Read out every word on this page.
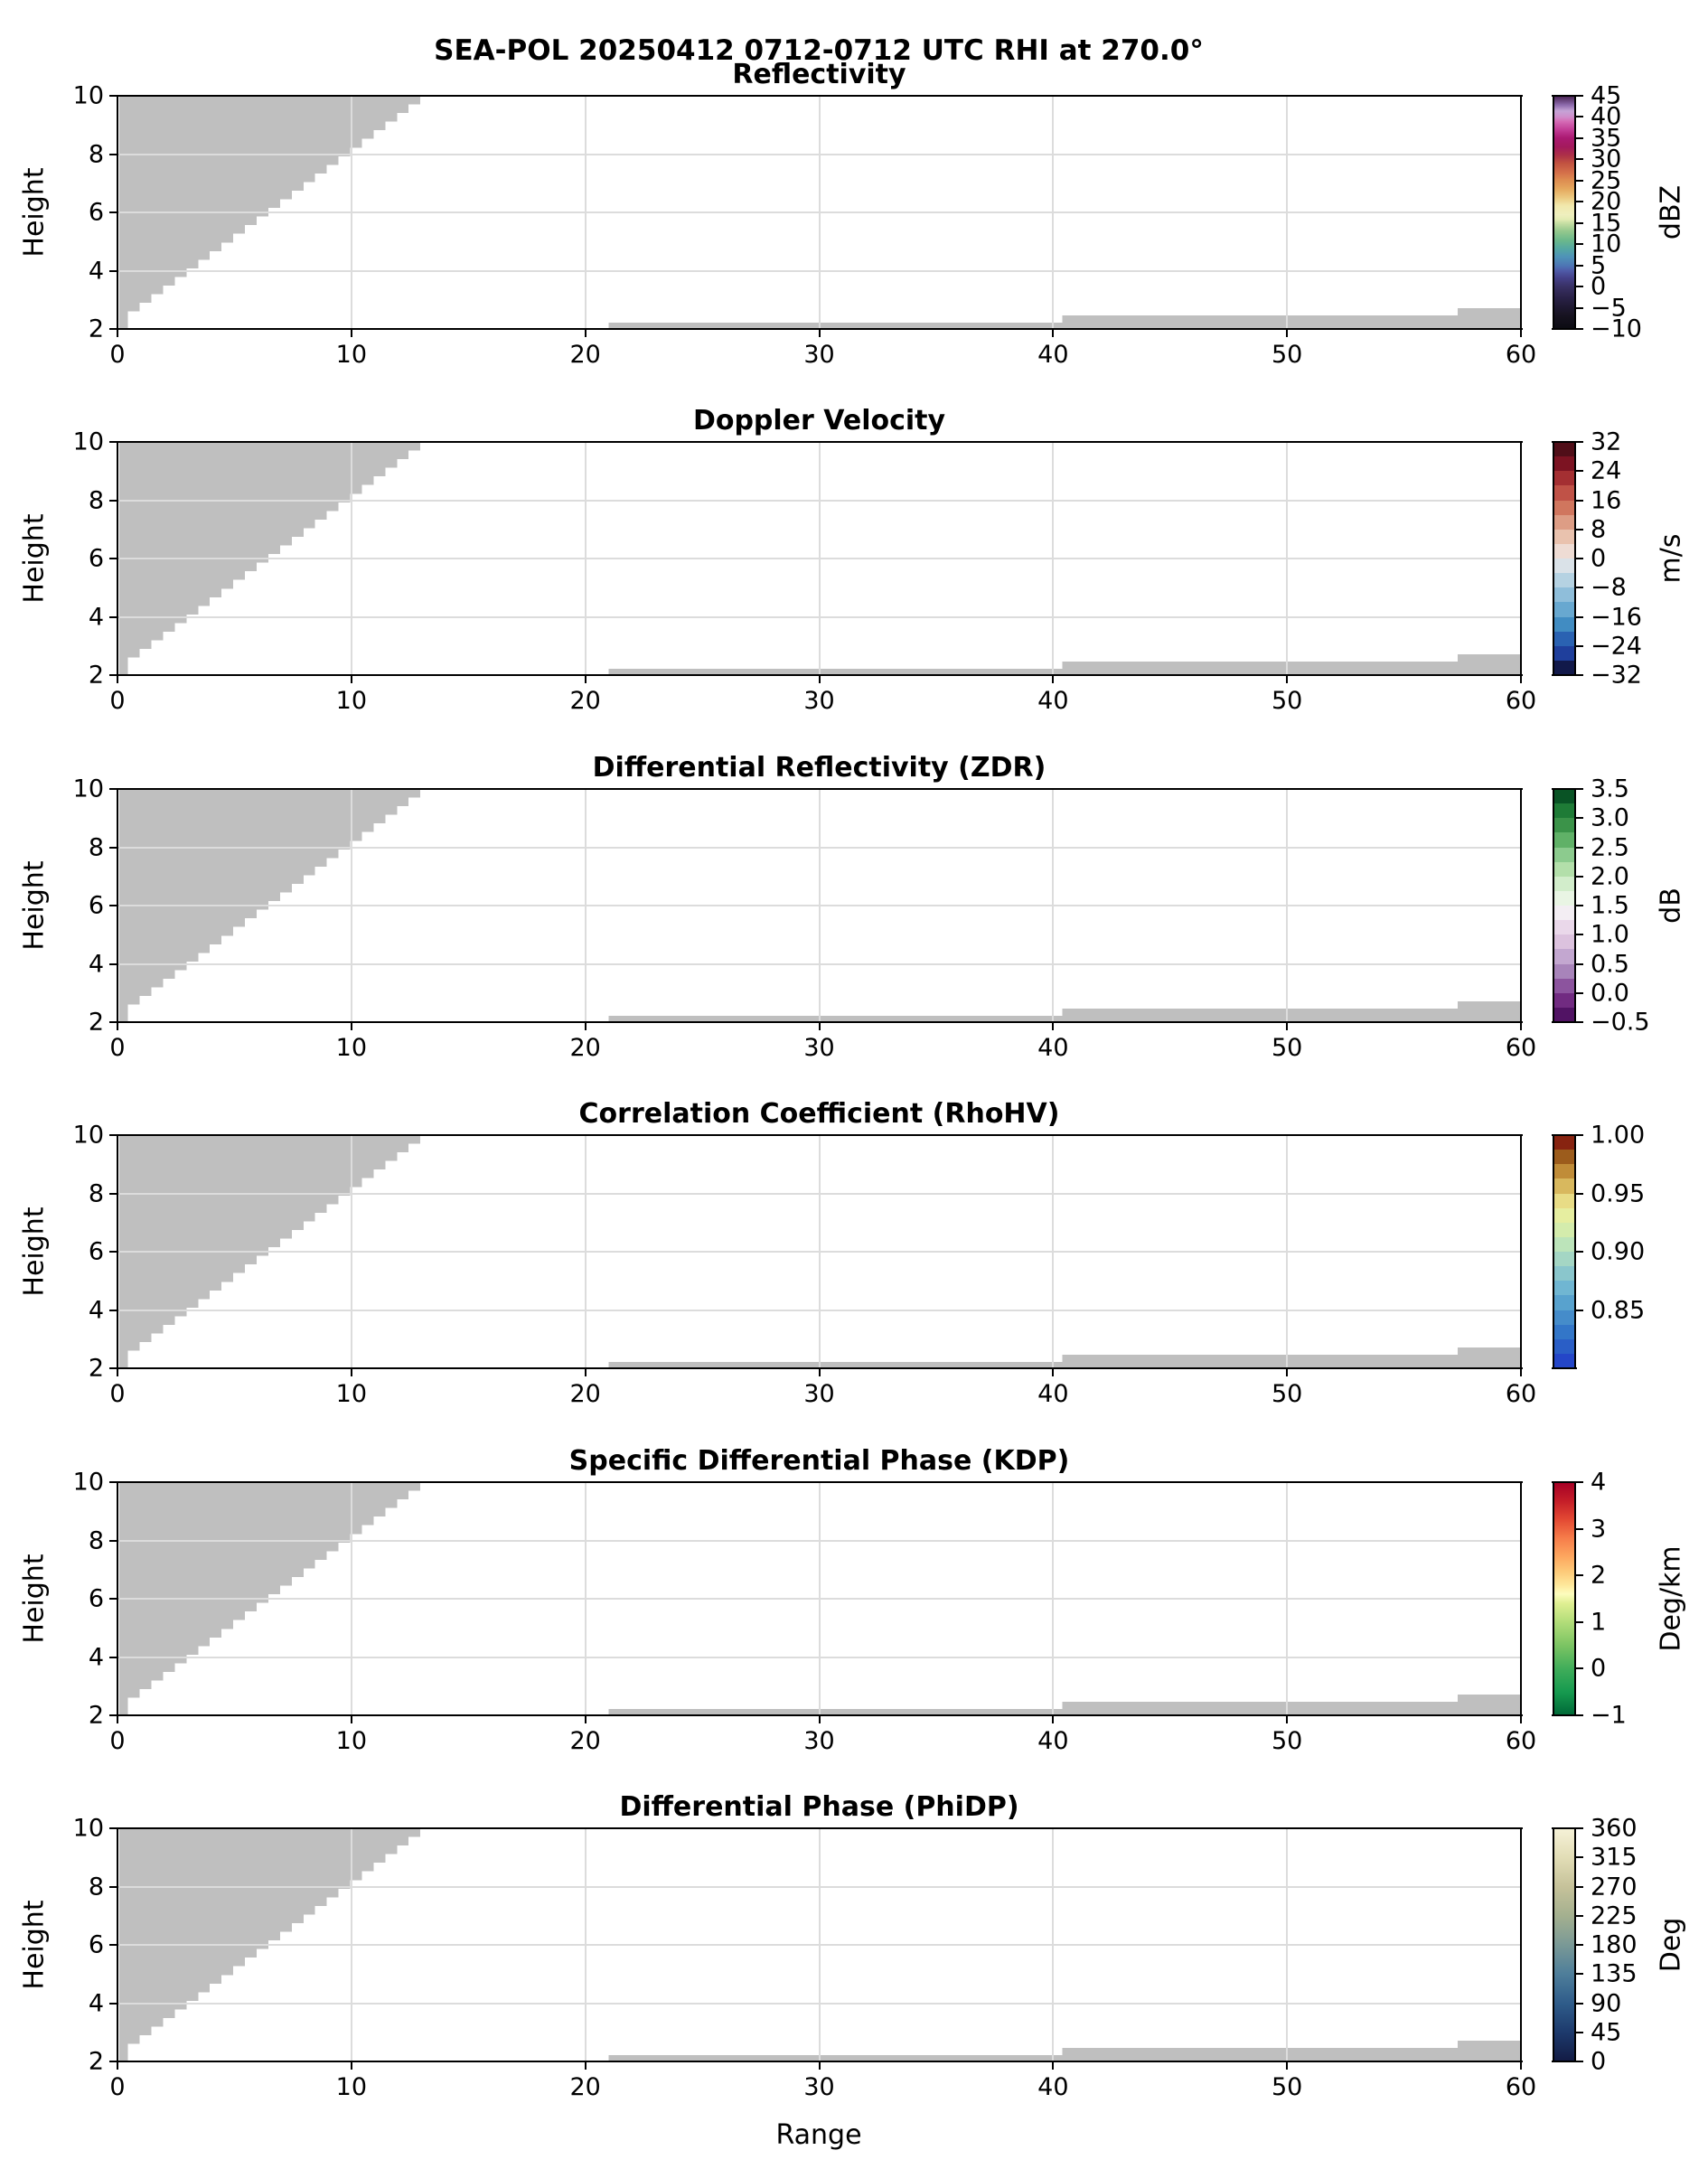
SEA-POL 20250412 0712-0712 UTC RHI at 270.0°
0	10	20	30	40	50	60
2
4
6
8
10
Reflectivity
Height
−10
−5
0
5
10
15
20
25
30
35
40
45
dBZ
0	10	20	30	40	50	60
2
4
6
8
10
Doppler Velocity
Height
−32
−24
−16
−8
0
8
16
24
32
m/s
0	10	20	30	40	50	60
2
4
6
8
10
Differential Reflectivity (ZDR)
Height
−0.5
0.0
0.5
1.0
1.5
2.0
2.5
3.0
3.5
dB
0	10	20	30	40	50	60
2
4
6
8
10
Correlation Coefficient (RhoHV)
Height
0.85
0.90
0.95
1.00
0	10	20	30	40	50	60
2
4
6
8
10
Specific Differential Phase (KDP)
Height
−1
0
1
2
3
4
Deg/km
0	10	20	30	40	50	60
2
4
6
8
10
Differential Phase (PhiDP)
Height
0
45
90
135
180
225
270
315
360
Deg
Range
